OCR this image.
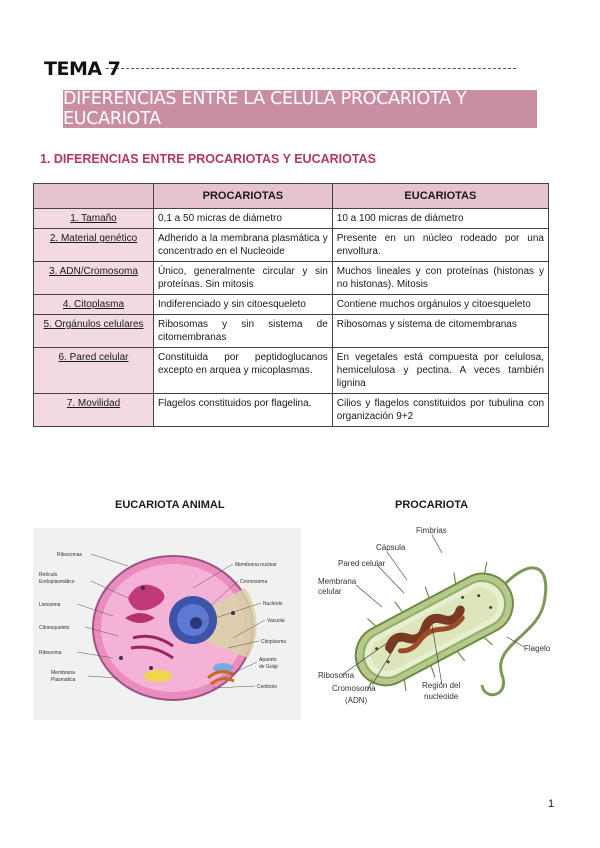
TEMA 7
DIFERENCIAS ENTRE LA CÉLULA PROCARIOTA Y EUCARIOTA
1. DIFERENCIAS ENTRE PROCARIOTAS Y EUCARIOTAS
	PROCARIOTAS	EUCARIOTAS
1. Tamaño	0,1 a 50 micras de diámetro	10 a 100 micras de diámetro
2. Material genético	Adherido a la membrana plasmática y concentrado en el Nucleoide	Presente en un núcleo rodeado por una envoltura.
3. ADN/Cromosoma	Único, generalmente circular y sin proteínas. Sin mitosis	Muchos lineales y con proteínas (histonas y no histonas). Mitosis
4. Citoplasma	Indiferenciado y sin citoesqueleto	Contiene muchos orgánulos y citoesqueleto
5. Orgánulos celulares	Ribosomas y sin sistema de citomembranas	Ribosomas y sistema de citomembranas
6. Pared celular	Constituida por peptidoglucanos excepto en arquea y micoplasmas.	En vegetales está compuesta por celulosa, hemicelulosa y pectina. A veces también lignina
7. Movilidad	Flagelos constituidos por flagelina.	Cilios y flagelos constituidos por tubulina con organización 9+2
EUCARIOTA ANIMAL	PROCARIOTA
Ribosomas
Retículo
Endoplasmático
Lisosoma
Citoesqueleto
Ribosoma
Membrana
Plasmática
Membrana nuclear
Cromosoma
Nucléolo
Vacuola
Citoplasma
Aparato
de Golgi
Centriolo
Fimbrias
Cápsula
Pared celular
Membrana
celular
Ribosoma
Cromosoma
(ADN)
Región del
nucleoide
Flagelo
1
